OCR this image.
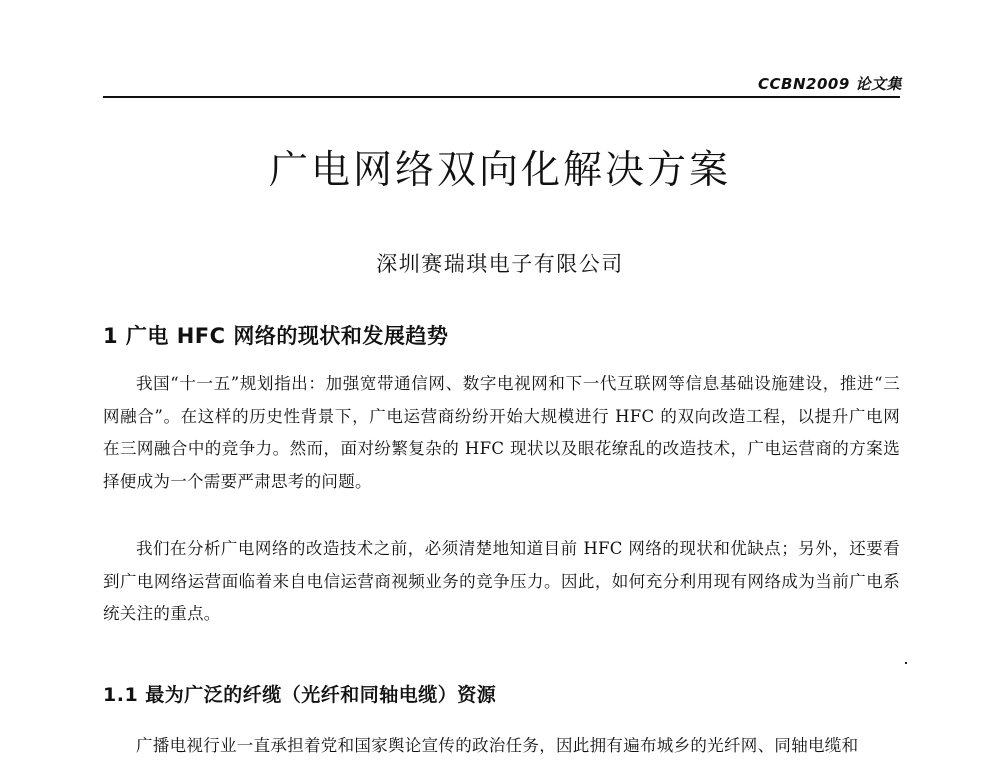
CCBN2009 论文集
广电网络双向化解决方案
深圳赛瑞琪电子有限公司
1 广电 HFC 网络的现状和发展趋势

我国“十一五”规划指出：加强宽带通信网、数字电视网和下一代互联网等信息基础设施建设，推进“三网融合”。在这样的历史性背景下，广电运营商纷纷开始大规模进行 HFC 的双向改造工程，以提升广电网在三网融合中的竞争力。然而，面对纷繁复杂的 HFC 现状以及眼花缭乱的改造技术，广电运营商的方案选择便成为一个需要严肃思考的问题。

我们在分析广电网络的改造技术之前，必须清楚地知道目前 HFC 网络的现状和优缺点；另外，还要看到广电网络运营面临着来自电信运营商视频业务的竞争压力。因此，如何充分利用现有网络成为当前广电系统关注的重点。

1.1 最为广泛的纤缆（光纤和同轴电缆）资源

广播电视行业一直承担着党和国家舆论宣传的政治任务，因此拥有遍布城乡的光纤网、同轴电缆和
